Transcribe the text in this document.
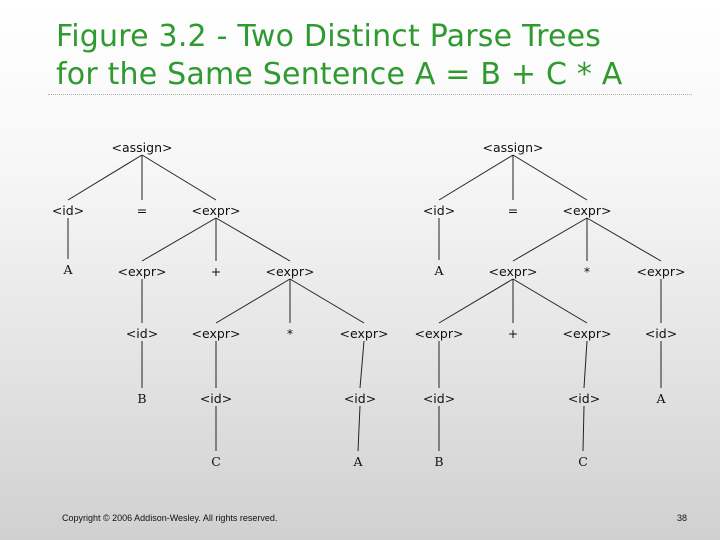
Figure 3.2 - Two Distinct Parse Trees
for the Same Sentence A = B + C * A
<assign>
<id>	=	<expr>
A	<expr>	+	<expr>
<id>	<expr>	*	<expr>
B	<id>	<id>
C	A
<assign>
<id>	=	<expr>
A	<expr>	*	<expr>
<expr>	+	<expr>	<id>
<id>	<id>	A
B	C
Copyright © 2006 Addison-Wesley. All rights reserved.	38
